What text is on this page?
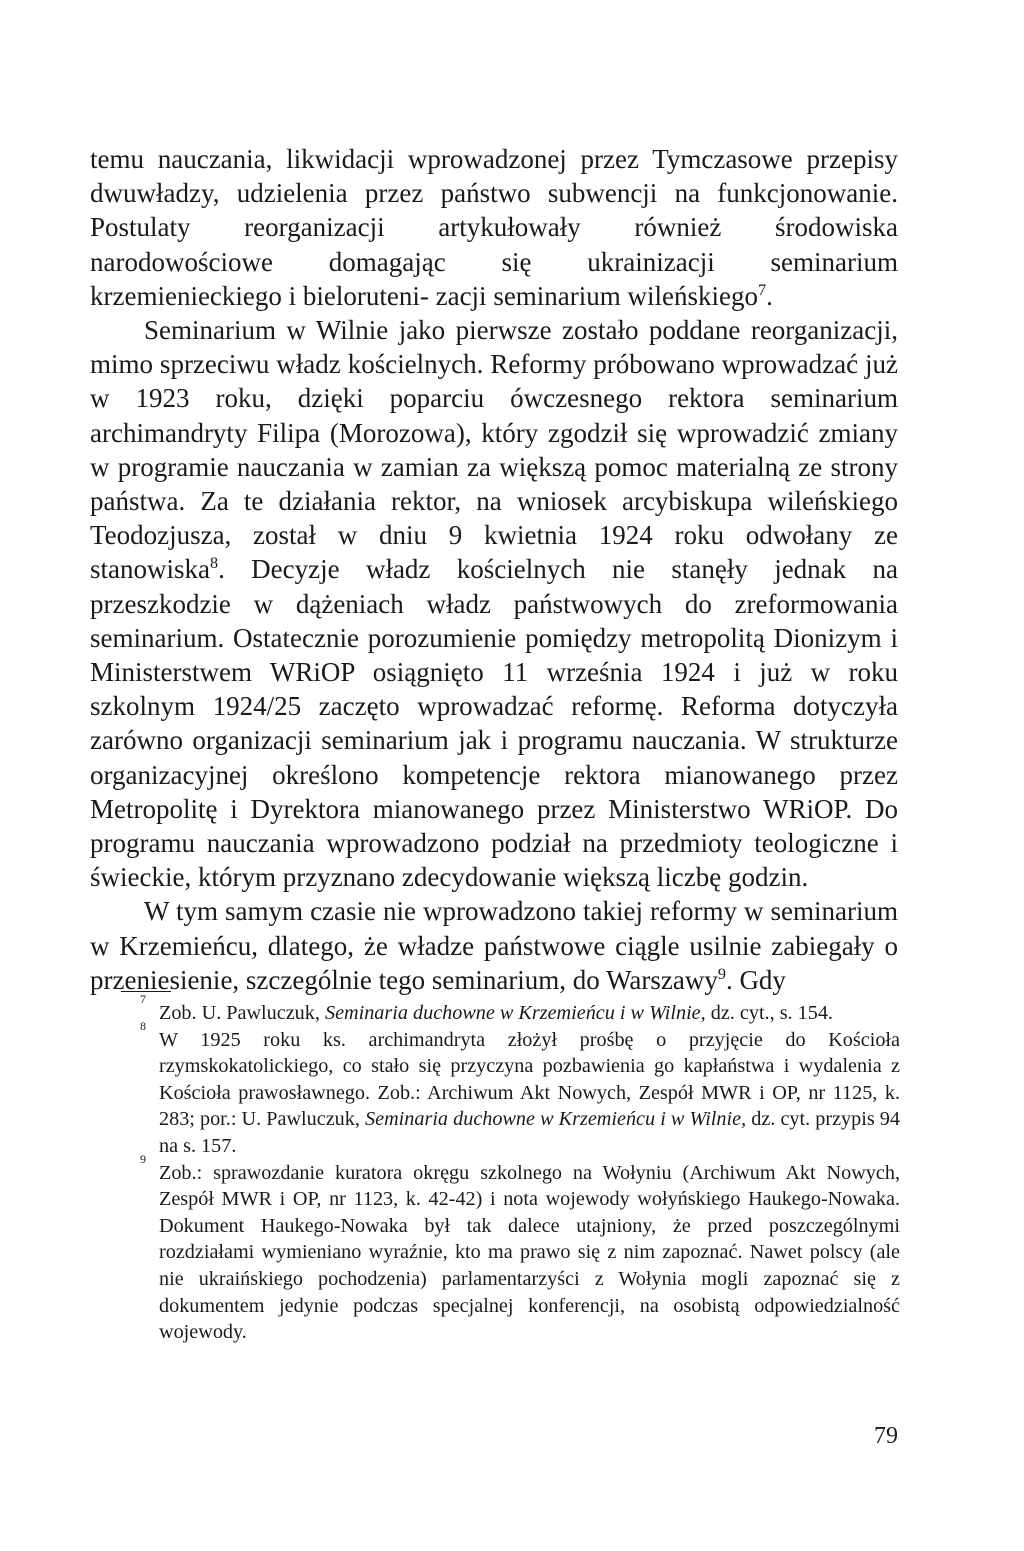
temu nauczania, likwidacji wprowadzonej przez Tymczasowe przepisy dwuwładzy, udzielenia przez państwo subwencji na funkcjonowanie. Postulaty reorganizacji artykułowały również środowiska narodowościowe domagając się ukrainizacji seminarium krzemienieckiego i bieloruteni- zacji seminarium wileńskiego$^7$.
Seminarium w Wilnie jako pierwsze zostało poddane reorganizacji, mimo sprzeciwu władz kościelnych. Reformy próbowano wprowadzać już w 1923 roku, dzięki poparciu ówczesnego rektora seminarium archimandryty Filipa (Morozowa), który zgodził się wprowadzić zmiany w programie nauczania w zamian za większą pomoc materialną ze strony państwa. Za te działania rektor, na wniosek arcybiskupa wileńskiego Teodozjusza, został w dniu 9 kwietnia 1924 roku odwołany ze stanowiska$^8$. Decyzje władz kościelnych nie stanęły jednak na przeszkodzie w dążeniach władz państwowych do zreformowania seminarium. Ostatecznie porozumienie pomiędzy metropolitą Dionizym i Ministerstwem WRiOP osiągnięto 11 września 1924 i już w roku szkolnym 1924/25 zaczęto wprowadzać reformę. Reforma dotyczyła zarówno organizacji seminarium jak i programu nauczania. W strukturze organizacyjnej określono kompetencje rektora mianowanego przez Metropolitę i Dyrektora mianowanego przez Ministerstwo WRiOP. Do programu nauczania wprowadzono podział na przedmioty teologiczne i świeckie, którym przyznano zdecydowanie większą liczbę godzin.
W tym samym czasie nie wprowadzono takiej reformy w seminarium w Krzemieńcu, dlatego, że władze państwowe ciągle usilnie zabiegały o przeniesienie, szczególnie tego seminarium, do Warszawy$^9$. Gdy

7
Zob. U. Pawluczuk, Seminaria duchowne w Krzemieńcu i w Wilnie, dz. cyt., s. 154.

8
W 1925 roku ks. archimandryta złożył prośbę o przyjęcie do Kościoła rzymskokatolickiego, co stało się przyczyna pozbawienia go kapłaństwa i wydalenia z Kościoła prawosławnego. Zob.: Archiwum Akt Nowych, Zespół MWR i OP, nr 1125, k. 283; por.: U. Pawluczuk, Seminaria duchowne w Krzemieńcu i w Wilnie, dz. cyt. przypis 94 na s. 157.

9
Zob.: sprawozdanie kuratora okręgu szkolnego na Wołyniu (Archiwum Akt Nowych, Zespół MWR i OP, nr 1123, k. 42-42) i nota wojewody wołyńskiego Haukego-Nowaka. Dokument Haukego-Nowaka był tak dalece utajniony, że przed poszczególnymi rozdziałami wymieniano wyraźnie, kto ma prawo się z nim zapoznać. Nawet polscy (ale nie ukraińskiego pochodzenia) parlamentarzyści z Wołynia mogli zapoznać się z dokumentem jedynie podczas specjalnej konferencji, na osobistą odpowiedzialność wojewody.

79
